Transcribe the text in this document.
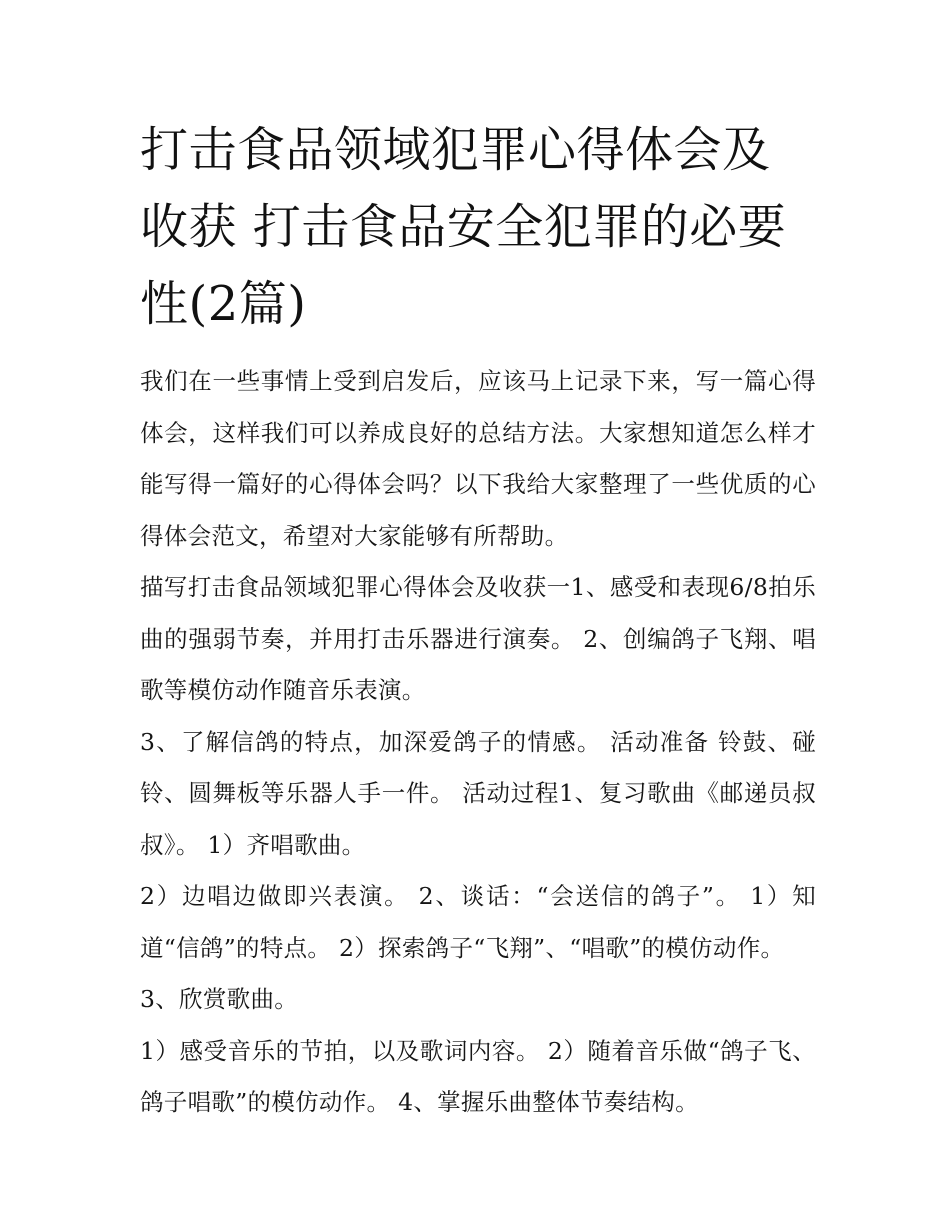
打击食品领域犯罪心得体会及收获 打击食品安全犯罪的必要性(2篇)

我们在一些事情上受到启发后，应该马上记录下来，写一篇心得体会，这样我们可以养成良好的总结方法。大家想知道怎么样才能写得一篇好的心得体会吗？以下我给大家整理了一些优质的心得体会范文，希望对大家能够有所帮助。

描写打击食品领域犯罪心得体会及收获一1、感受和表现6/8拍乐曲的强弱节奏，并用打击乐器进行演奏。 2、创编鸽子飞翔、唱歌等模仿动作随音乐表演。

3、了解信鸽的特点，加深爱鸽子的情感。 活动准备 铃鼓、碰铃、圆舞板等乐器人手一件。 活动过程1、复习歌曲《邮递员叔叔》。 1）齐唱歌曲。

2）边唱边做即兴表演。 2、谈话：“会送信的鸽子”。 1）知道“信鸽”的特点。 2）探索鸽子“飞翔”、“唱歌”的模仿动作。

3、欣赏歌曲。

1）感受音乐的节拍，以及歌词内容。 2）随着音乐做“鸽子飞、鸽子唱歌”的模仿动作。 4、掌握乐曲整体节奏结构。
